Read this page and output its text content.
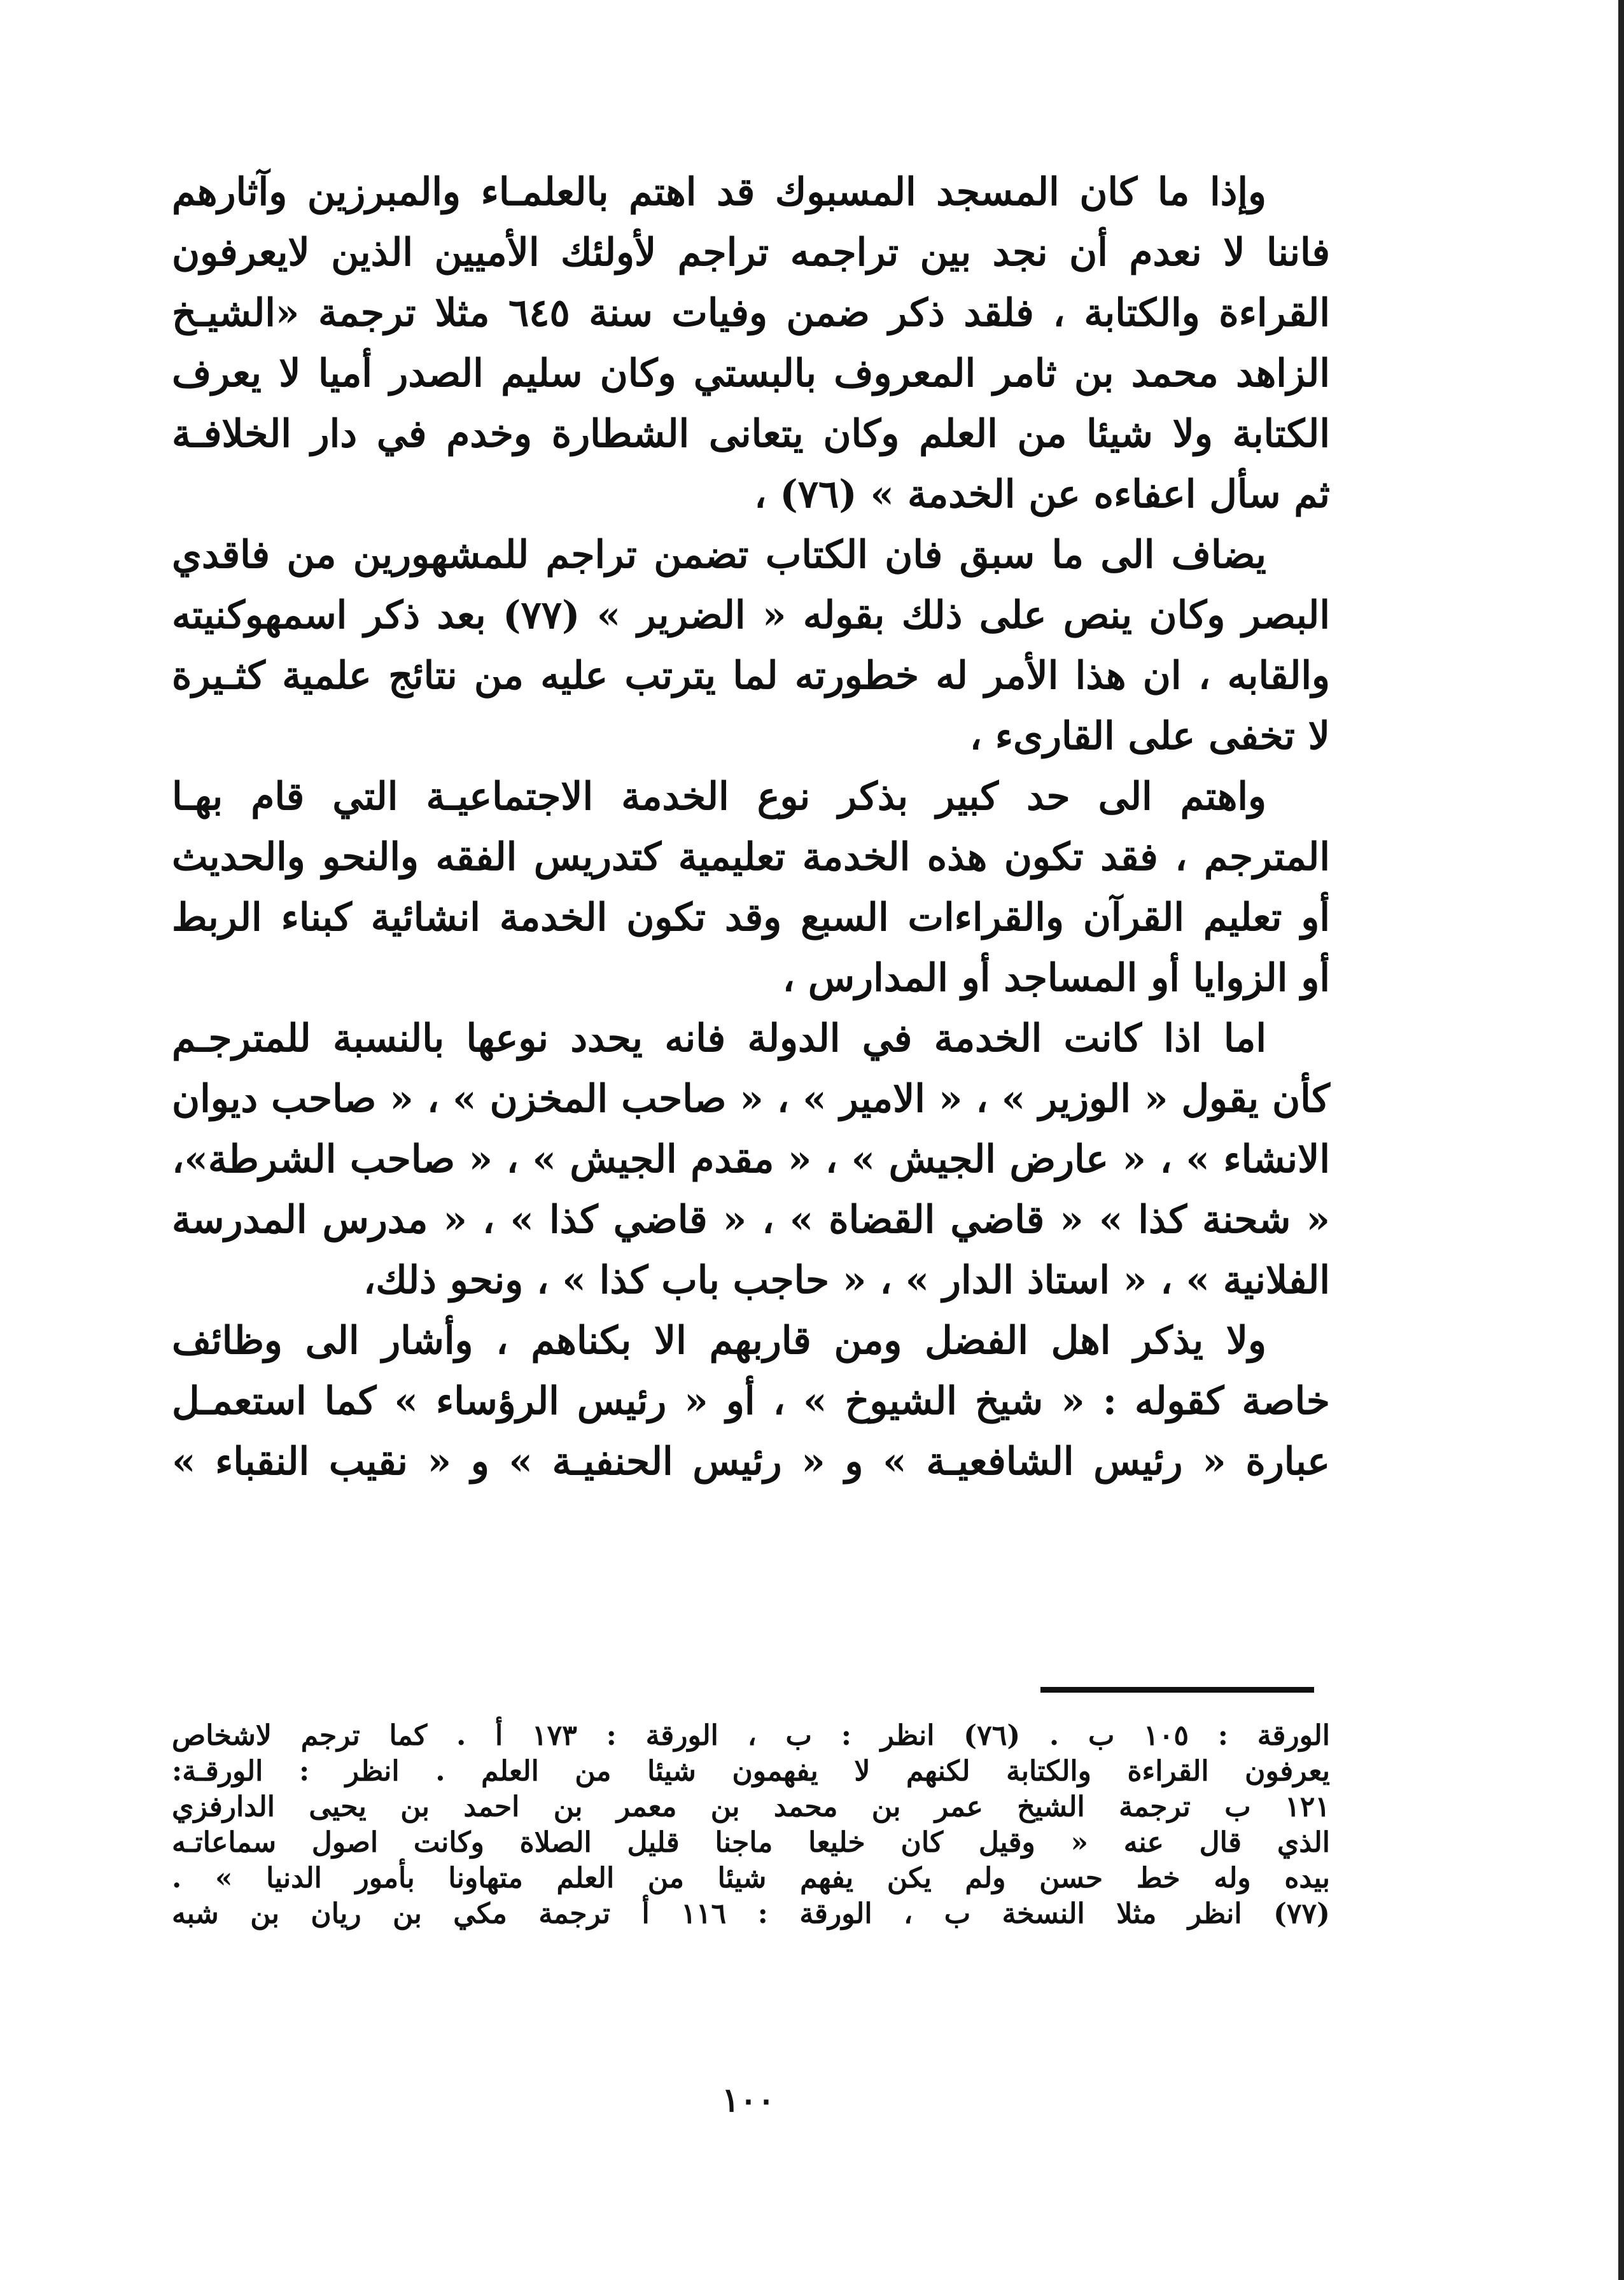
وإذا ما كان المسجد المسبوك قد اهتم بالعلمـاء والمبرزين وآثارهم
فاننا لا نعدم أن نجد بين تراجمه تراجم لأولئك الأميين الذين لايعرفون
القراءة والكتابة ، فلقد ذكر ضمن وفيات سنة ٦٤٥ مثلا ترجمة «الشيـخ
الزاهد محمد بن ثامر المعروف بالبستي وكان سليم الصدر أميا لا يعرف
الكتابة ولا شيئا من العلم وكان يتعانى الشطارة وخدم في دار الخلافـة
ثم سأل اعفاءه عن الخدمة » (٧٦) ،
يضاف الى ما سبق فان الكتاب تضمن تراجم للمشهورين من فاقدي
البصر وكان ينص على ذلك بقوله « الضرير » (٧٧) بعد ذكر اسمهوكنيته
والقابه ، ان هذا الأمر له خطورته لما يترتب عليه من نتائج علمية كثـيرة
لا تخفى على القارىء ،
واهتم الى حد كبير بذكر نوع الخدمة الاجتماعيـة التي قام بهـا
المترجم ، فقد تكون هذه الخدمة تعليمية كتدريس الفقه والنحو والحديث
أو تعليم القرآن والقراءات السبع وقد تكون الخدمة انشائية كبناء الربط
أو الزوايا أو المساجد أو المدارس ،
اما اذا كانت الخدمة في الدولة فانه يحدد نوعها بالنسبة للمترجـم
كأن يقول « الوزير » ، « الامير » ، « صاحب المخزن » ، « صاحب ديوان
الانشاء » ، « عارض الجيش » ، « مقدم الجيش » ، « صاحب الشرطة»،
« شحنة كذا » « قاضي القضاة » ، « قاضي كذا » ، « مدرس المدرسة
الفلانية » ، « استاذ الدار » ، « حاجب باب كذا » ، ونحو ذلك،
ولا يذكر اهل الفضل ومن قاربهم الا بكناهم ، وأشار الى وظائف
خاصة كقوله : « شيخ الشيوخ » ، أو « رئيس الرؤساء » كما استعمـل
عبارة « رئيس الشافعيـة » و « رئيس الحنفيـة » و « نقيب النقباء »
الورقة : ١٠٥ ب . (٧٦) انظر : ب ، الورقة : ١٧٣ أ . كما ترجم لاشخاص
يعرفون القراءة والكتابة لكنهم لا يفهمون شيئا من العلم . انظر : الورقـة:
١٢١ ب ترجمة الشيخ عمر بن محمد بن معمر بن احمد بن يحيى الدارفزي
الذي قال عنه « وقيل كان خليعا ماجنا قليل الصلاة وكانت اصول سماعاتـه
بيده وله خط حسن ولم يكن يفهم شيئا من العلم متهاونا بأمور الدنيا » .
(٧٧) انظر مثلا النسخة ب ، الورقة : ١١٦ أ ترجمة مكي بن ريان بن شبه
١٠٠
